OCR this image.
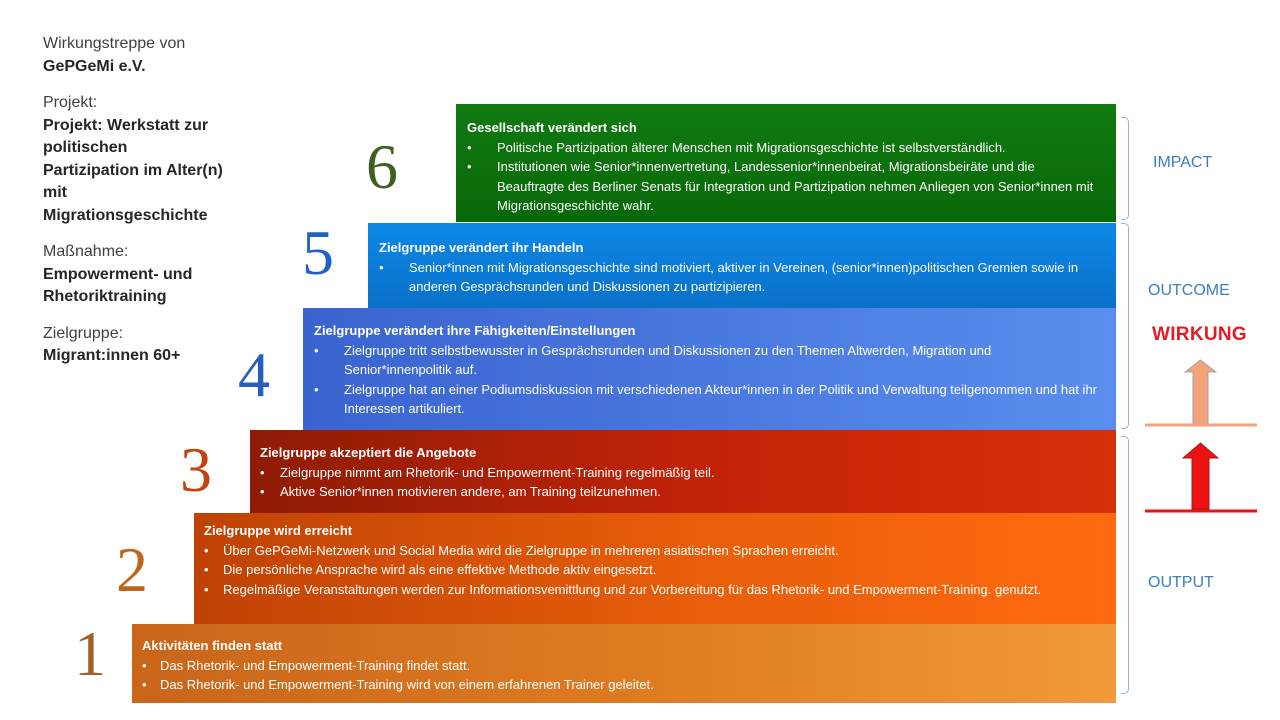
Wirkungstreppe von
GePGeMi e.V.
Projekt:
Projekt: Werkstatt zur
politischen
Partizipation im Alter(n)
mit
Migrationsgeschichte
Maßnahme:
Empowerment- und
Rhetoriktraining
Zielgruppe:
Migrant:innen 60+
6
Gesellschaft verändert sich
• Politische Partizipation älterer Menschen mit Migrationsgeschichte ist selbstverständlich.
• Institutionen wie Senior*innenvertretung, Landessenior*innenbeirat, Migrationsbeiräte und die Beauftragte des Berliner Senats für Integration und Partizipation nehmen Anliegen von Senior*innen mit Migrationsgeschichte wahr.
5	Zielgruppe verändert ihr Handeln
• Senior*innen mit Migrationsgeschichte sind motiviert, aktiver in Vereinen, (senior*innen)politischen Gremien sowie in anderen Gesprächsrunden und Diskussionen zu partizipieren.
4
Zielgruppe verändert ihre Fähigkeiten/Einstellungen
• Zielgruppe tritt selbstbewusster in Gesprächsrunden und Diskussionen zu den Themen Altwerden, Migration und Senior*innenpolitik auf.
• Zielgruppe hat an einer Podiumsdiskussion mit verschiedenen Akteur*innen in der Politik und Verwaltung teilgenommen und hat ihr Interessen artikuliert.
3	Zielgruppe akzeptiert die Angebote
• Zielgruppe nimmt am Rhetorik- und Empowerment-Training regelmäßig teil.
• Aktive Senior*innen motivieren andere, am Training teilzunehmen.
2
Zielgruppe wird erreicht
• Über GePGeMi-Netzwerk und Social Media wird die Zielgruppe in mehreren asiatischen Sprachen erreicht.
• Die persönliche Ansprache wird als eine effektive Methode aktiv eingesetzt.
• Regelmäßige Veranstaltungen werden zur Informationsvemittlung und zur Vorbereitung für das Rhetorik- und Empowerment-Training. genutzt.
1	Aktivitäten finden statt
• Das Rhetorik- und Empowerment-Training findet statt.
• Das Rhetorik- und Empowerment-Training wird von einem erfahrenen Trainer geleitet.
IMPACT
OUTCOME
OUTPUT
WIRKUNG
